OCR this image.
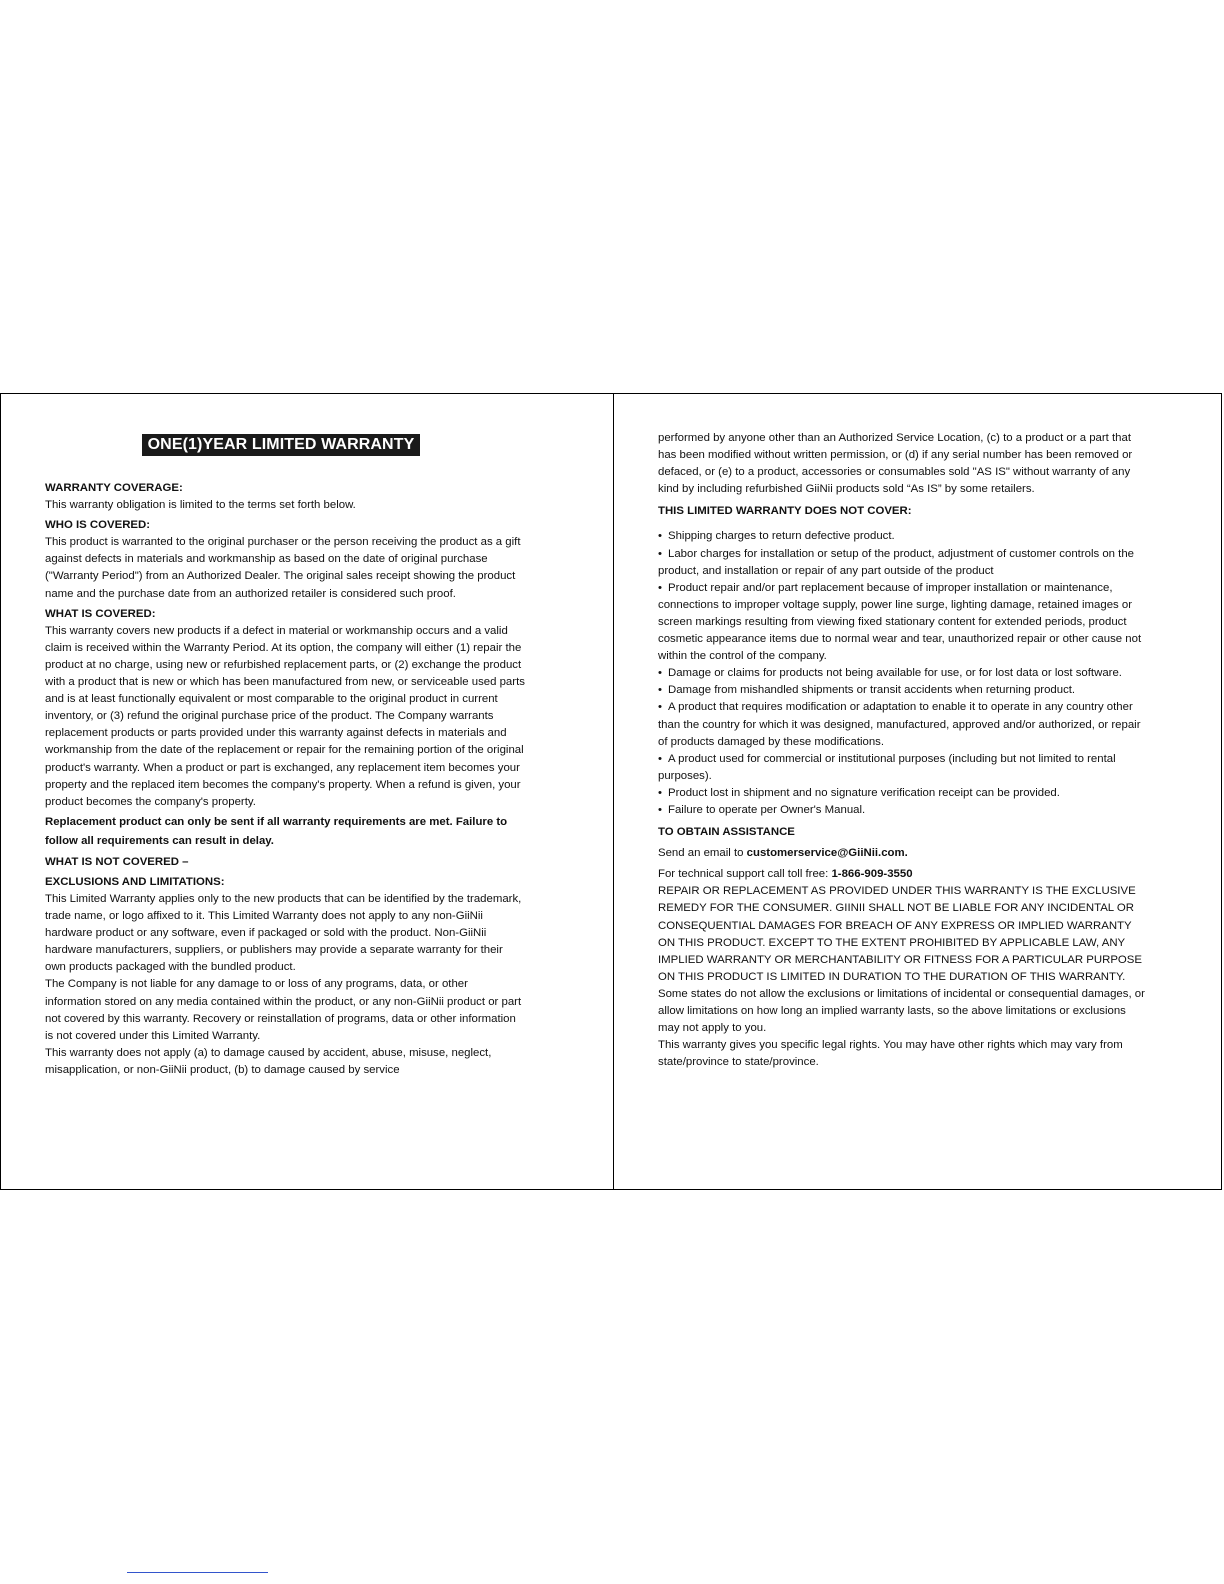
ONE(1)YEAR LIMITED WARRANTY
WARRANTY COVERAGE:

This warranty obligation is limited to the terms set forth below.

WHO IS COVERED:

This product is warranted to the original purchaser or the person receiving the product as a gift against defects in materials and workmanship as based on the date of original purchase ("Warranty Period") from an Authorized Dealer. The original sales receipt showing the product name and the purchase date from an authorized retailer is considered such proof.

WHAT IS COVERED:

This warranty covers new products if a defect in material or workmanship occurs and a valid claim is received within the Warranty Period. At its option, the company will either (1) repair the product at no charge, using new or refurbished replacement parts, or (2) exchange the product with a product that is new or which has been manufactured from new, or serviceable used parts and is at least functionally equivalent or most comparable to the original product in current inventory, or (3) refund the original purchase price of the product. The Company warrants replacement products or parts provided under this warranty against defects in materials and workmanship from the date of the replacement or repair for the remaining portion of the original product's warranty. When a product or part is exchanged, any replacement item becomes your property and the replaced item becomes the company's property. When a refund is given, your product becomes the company's property.

Replacement product can only be sent if all warranty requirements are met. Failure to follow all requirements can result in delay.

WHAT IS NOT COVERED –
EXCLUSIONS AND LIMITATIONS:

This Limited Warranty applies only to the new products that can be identified by the trademark, trade name, or logo affixed to it. This Limited Warranty does not apply to any non-GiiNii hardware product or any software, even if packaged or sold with the product. Non-GiiNii hardware manufacturers, suppliers, or publishers may provide a separate warranty for their own products packaged with the bundled product.

The Company is not liable for any damage to or loss of any programs, data, or other information stored on any media contained within the product, or any non-GiiNii product or part not covered by this warranty. Recovery or reinstallation of programs, data or other information is not covered under this Limited Warranty.

This warranty does not apply (a) to damage caused by accident, abuse, misuse, neglect, misapplication, or non-GiiNii product, (b) to damage caused by service

performed by anyone other than an Authorized Service Location, (c) to a product or a part that has been modified without written permission, or (d) if any serial number has been removed or defaced, or (e) to a product, accessories or consumables sold "AS IS" without warranty of any kind by including refurbished GiiNii products sold “As IS” by some retailers.

THIS LIMITED WARRANTY DOES NOT COVER:
• Shipping charges to return defective product.
• Labor charges for installation or setup of the product, adjustment of customer controls on the product, and installation or repair of any part outside of the product
• Product repair and/or part replacement because of improper installation or maintenance, connections to improper voltage supply, power line surge, lighting damage, retained images or screen markings resulting from viewing fixed stationary content for extended periods, product cosmetic appearance items due to normal wear and tear, unauthorized repair or other cause not within the control of the company.
• Damage or claims for products not being available for use, or for lost data or lost software.
• Damage from mishandled shipments or transit accidents when returning product.
• A product that requires modification or adaptation to enable it to operate in any country other than the country for which it was designed, manufactured, approved and/or authorized, or repair of products damaged by these modifications.
• A product used for commercial or institutional purposes (including but not limited to rental purposes).
• Product lost in shipment and no signature verification receipt can be provided.
• Failure to operate per Owner's Manual.
TO OBTAIN ASSISTANCE

Send an email to customerservice@GiiNii.com.

For technical support call toll free: 1-866-909-3550

REPAIR OR REPLACEMENT AS PROVIDED UNDER THIS WARRANTY IS THE EXCLUSIVE REMEDY FOR THE CONSUMER. GIINII SHALL NOT BE LIABLE FOR ANY INCIDENTAL OR CONSEQUENTIAL DAMAGES FOR BREACH OF ANY EXPRESS OR IMPLIED WARRANTY ON THIS PRODUCT. EXCEPT TO THE EXTENT PROHIBITED BY APPLICABLE LAW, ANY IMPLIED WARRANTY OR MERCHANTABILITY OR FITNESS FOR A PARTICULAR PURPOSE ON THIS PRODUCT IS LIMITED IN DURATION TO THE DURATION OF THIS WARRANTY.

Some states do not allow the exclusions or limitations of incidental or consequential damages, or allow limitations on how long an implied warranty lasts, so the above limitations or exclusions may not apply to you.

This warranty gives you specific legal rights. You may have other rights which may vary from state/province to state/province.
